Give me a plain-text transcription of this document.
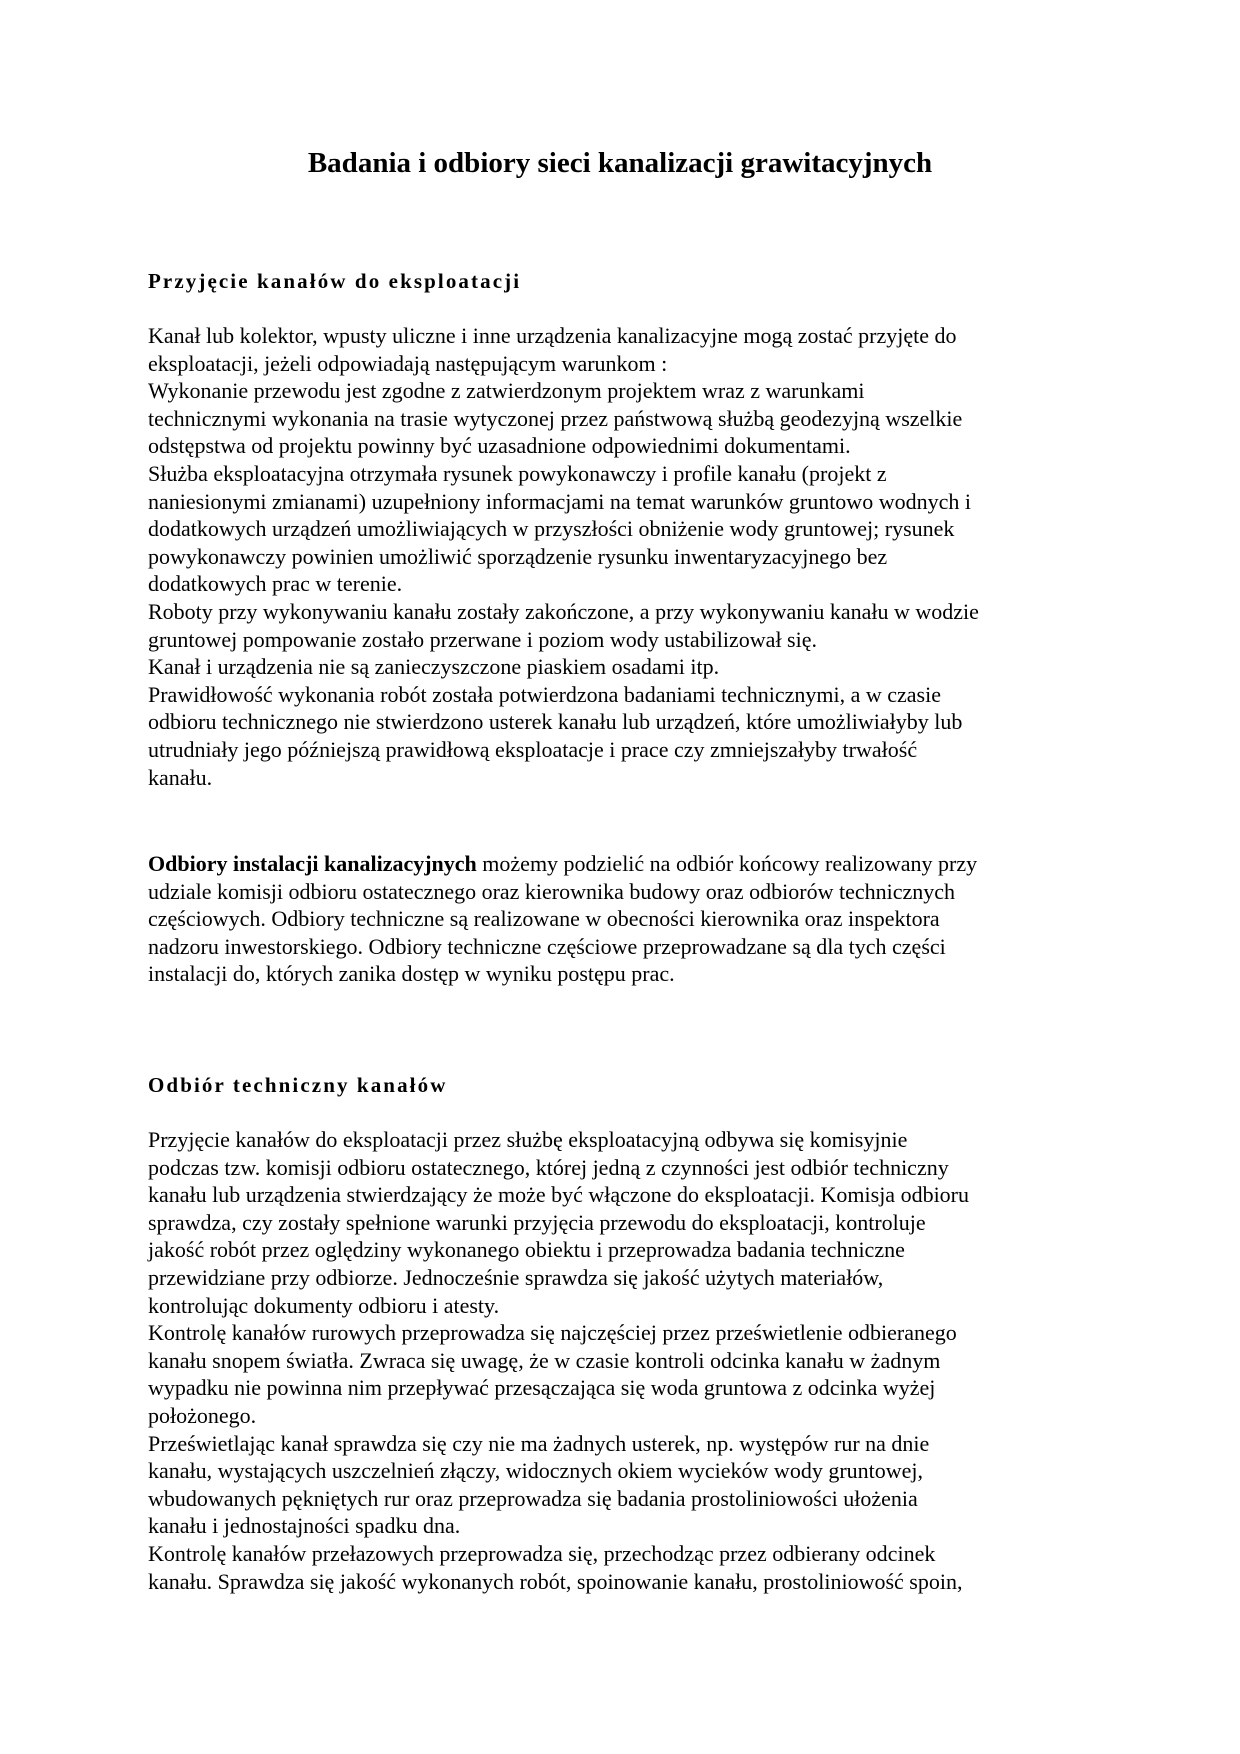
Badania i odbiory sieci kanalizacji grawitacyjnych
Przyjęcie kanałów do eksploatacji

Kanał lub kolektor, wpusty uliczne i inne urządzenia kanalizacyjne mogą zostać przyjęte do

eksploatacji, jeżeli odpowiadają następującym warunkom :

Wykonanie przewodu jest zgodne z zatwierdzonym projektem wraz z warunkami

technicznymi wykonania na trasie wytyczonej przez państwową służbą geodezyjną wszelkie

odstępstwa od projektu powinny być uzasadnione odpowiednimi dokumentami.

Służba eksploatacyjna otrzymała rysunek powykonawczy i profile kanału (projekt z

naniesionymi zmianami) uzupełniony informacjami na temat warunków gruntowo wodnych i

dodatkowych urządzeń umożliwiających w przyszłości obniżenie wody gruntowej; rysunek

powykonawczy powinien umożliwić sporządzenie rysunku inwentaryzacyjnego bez

dodatkowych prac w terenie.

Roboty przy wykonywaniu kanału zostały zakończone, a przy wykonywaniu kanału w wodzie

gruntowej pompowanie zostało przerwane i poziom wody ustabilizował się.

Kanał i urządzenia nie są zanieczyszczone piaskiem osadami itp.

Prawidłowość wykonania robót została potwierdzona badaniami technicznymi, a w czasie

odbioru technicznego nie stwierdzono usterek kanału lub urządzeń, które umożliwiałyby lub

utrudniały jego późniejszą prawidłową eksploatacje i prace czy zmniejszałyby trwałość

kanału.

Odbiory instalacji kanalizacyjnych możemy podzielić na odbiór końcowy realizowany przy

udziale komisji odbioru ostatecznego oraz kierownika budowy oraz odbiorów technicznych

częściowych. Odbiory techniczne są realizowane w obecności kierownika oraz inspektora

nadzoru inwestorskiego. Odbiory techniczne częściowe przeprowadzane są dla tych części

instalacji do, których zanika dostęp w wyniku postępu prac.

Odbiór techniczny kanałów

Przyjęcie kanałów do eksploatacji przez służbę eksploatacyjną odbywa się komisyjnie

podczas tzw. komisji odbioru ostatecznego, której jedną z czynności jest odbiór techniczny

kanału lub urządzenia stwierdzający że może być włączone do eksploatacji. Komisja odbioru

sprawdza, czy zostały spełnione warunki przyjęcia przewodu do eksploatacji, kontroluje

jakość robót przez oględziny wykonanego obiektu i przeprowadza badania techniczne

przewidziane przy odbiorze. Jednocześnie sprawdza się jakość użytych materiałów,

kontrolując dokumenty odbioru i atesty.

Kontrolę kanałów rurowych przeprowadza się najczęściej przez prześwietlenie odbieranego

kanału snopem światła. Zwraca się uwagę, że w czasie kontroli odcinka kanału w żadnym

wypadku nie powinna nim przepływać przesączająca się woda gruntowa z odcinka wyżej

położonego.

Prześwietlając kanał sprawdza się czy nie ma żadnych usterek, np. występów rur na dnie

kanału, wystających uszczelnień złączy, widocznych okiem wycieków wody gruntowej,

wbudowanych pękniętych rur oraz przeprowadza się badania prostoliniowości ułożenia

kanału i jednostajności spadku dna.

Kontrolę kanałów przełazowych przeprowadza się, przechodząc przez odbierany odcinek

kanału. Sprawdza się jakość wykonanych robót, spoinowanie kanału, prostoliniowość spoin,
